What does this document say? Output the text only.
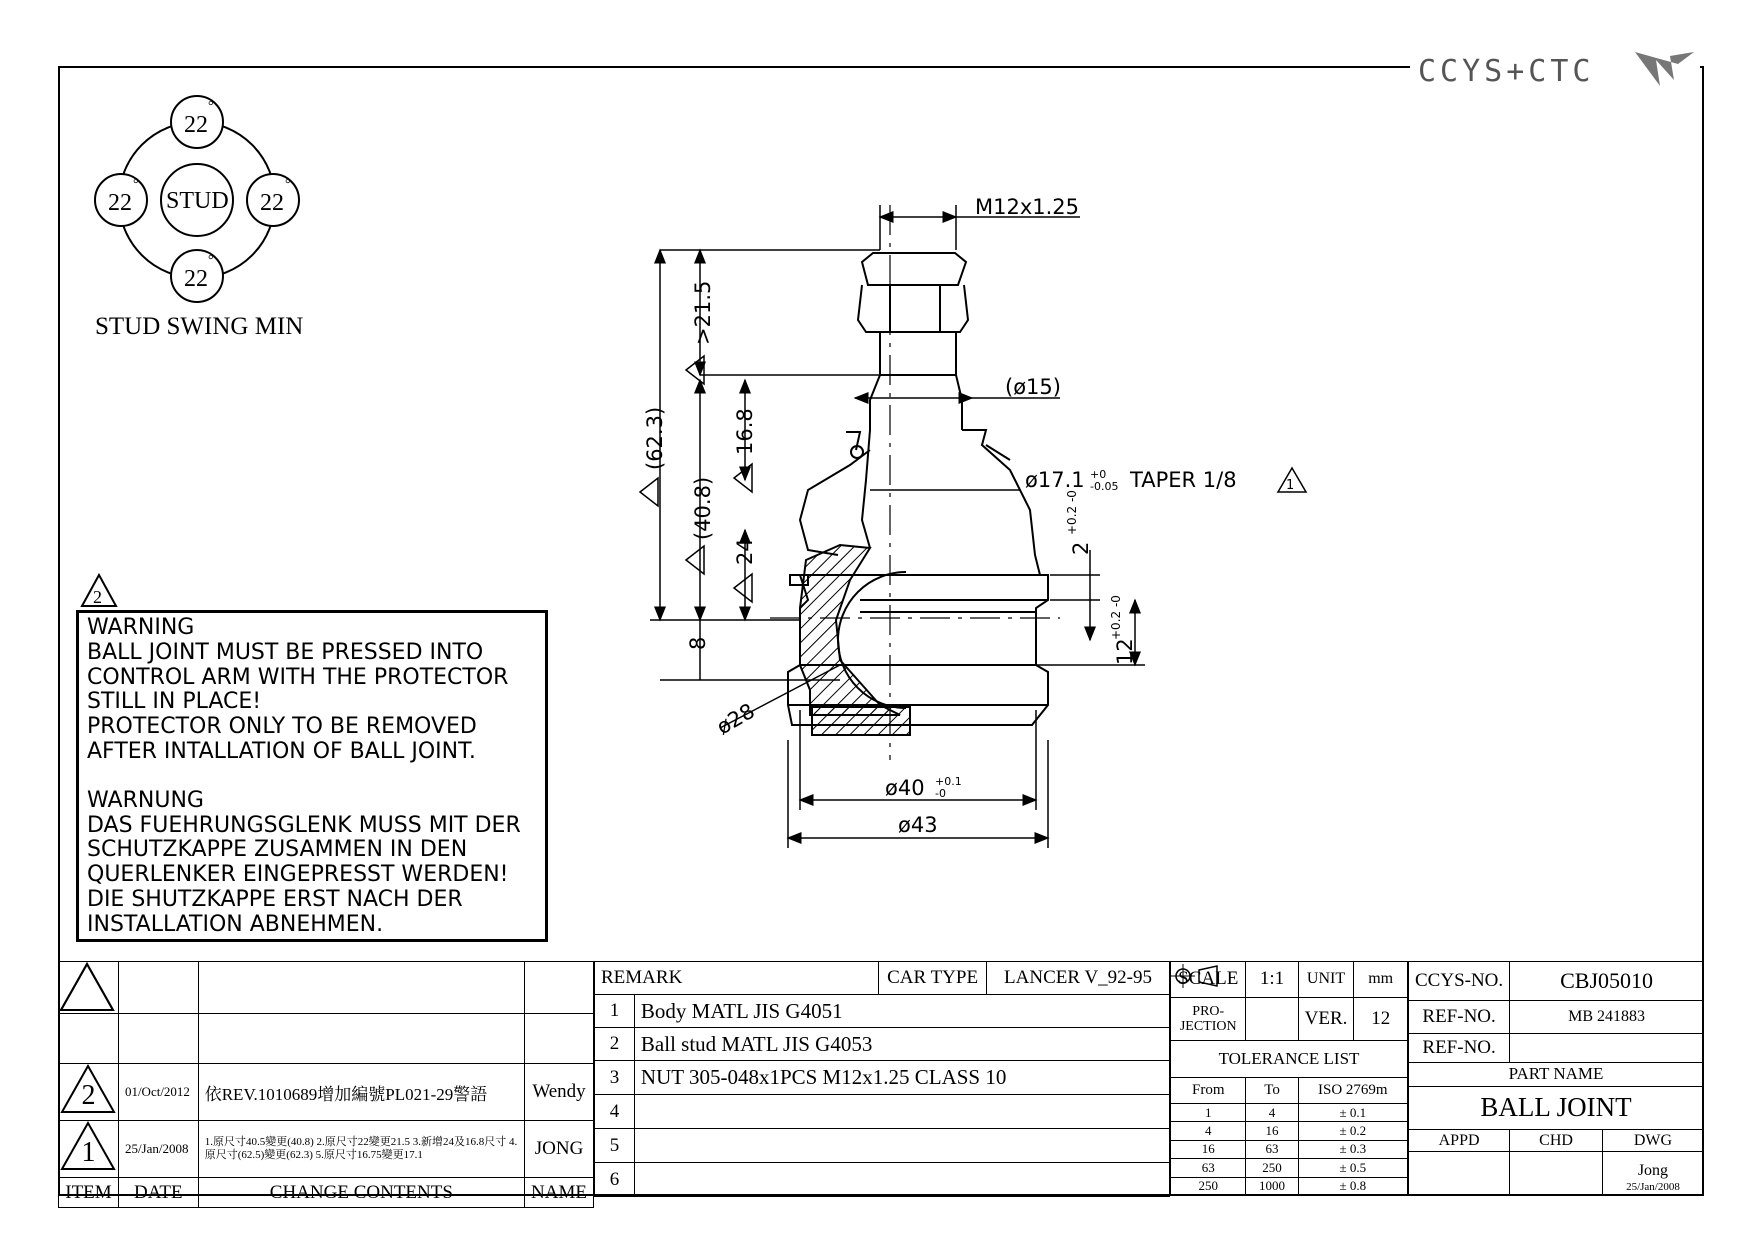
CCYS+CTC
22
°
22
°
22
°
22
°
STUD
STUD SWING MIN
2
WARNING
BALL JOINT MUST BE PRESSED INTO
CONTROL ARM WITH THE PROTECTOR
STILL IN PLACE!
PROTECTOR ONLY TO BE REMOVED
AFTER INTALLATION OF BALL JOINT.
WARNUNG
DAS FUEHRUNGSGLENK MUSS MIT DER
SCHUTZKAPPE ZUSAMMEN IN DEN
QUERLENKER EINGEPRESST WERDEN!
DIE SHUTZKAPPE ERST NACH DER
INSTALLATION ABNEHMEN.
M12x1.25
(ø15)
ø17.1 +0
-0.05 TAPER 1/8	1
>21.5
(62.3)
(40.8)
16.8
24
8
ø28
2
+0.2 -0
12
+0.2 -0
ø40 +0.1
-0
ø43

2	01/Oct/2012	依REV.1010689增加編號PL021-29警語	Wendy

1	25/Jan/2008	1.原尺寸40.5變更(40.8) 2.原尺寸22變更21.5 3.新增24及16.8尺寸 4.原尺寸(62.5)變更(62.3) 5.原尺寸16.75變更17.1	JONG
ITEM	DATE	CHANGE CONTENTS	NAME
REMARK		CAR TYPE	LANCER V_92-95
1	Body MATL JIS G4051		
2	Ball stud MATL JIS G4053		
3	NUT 305-048x1PCS M12x1.25 CLASS 10		
4			
5			
6			
SCALE	1:1	UNIT	mm
PRO-
JECTION		VER.	12
TOLERANCE LIST			
From	To	ISO 2769m	
1	4	± 0.1	
4	16	± 0.2	
16	63	± 0.3	
63	250	± 0.5	
250	1000	± 0.8	
CCYS-NO.	CBJ05010	
REF-NO.	MB 241883	
REF-NO.		
PART NAME		
BALL JOINT		
APPD	CHD	DWG

		Jong
25/Jan/2008
